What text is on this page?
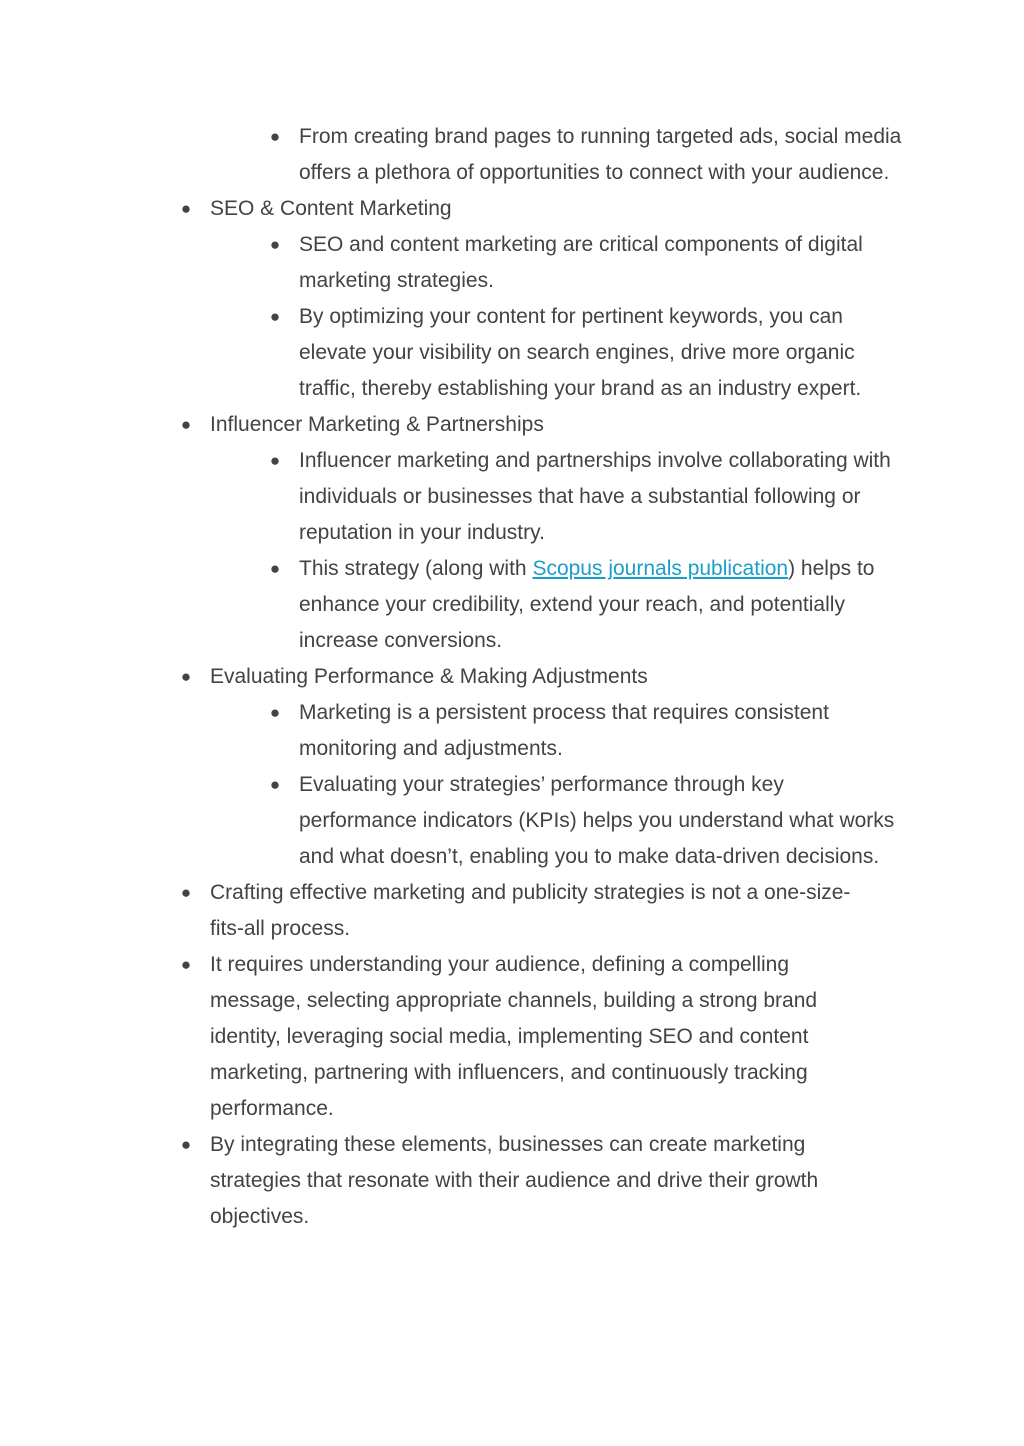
● From creating brand pages to running targeted ads, social media offers a plethora of opportunities to connect with your audience.
● SEO & Content Marketing
● SEO and content marketing are critical components of digital marketing strategies.
● By optimizing your content for pertinent keywords, you can elevate your visibility on search engines, drive more organic traffic, thereby establishing your brand as an industry expert.
● Influencer Marketing & Partnerships
● Influencer marketing and partnerships involve collaborating with individuals or businesses that have a substantial following or reputation in your industry.
● This strategy (along with Scopus journals publication) helps to enhance your credibility, extend your reach, and potentially increase conversions.
● Evaluating Performance & Making Adjustments
● Marketing is a persistent process that requires consistent monitoring and adjustments.
● Evaluating your strategies’ performance through key performance indicators (KPIs) helps you understand what works and what doesn’t, enabling you to make data-driven decisions.
● Crafting effective marketing and publicity strategies is not a one-size-fits-all process.
● It requires understanding your audience, defining a compelling message, selecting appropriate channels, building a strong brand identity, leveraging social media, implementing SEO and content marketing, partnering with influencers, and continuously tracking performance.
● By integrating these elements, businesses can create marketing strategies that resonate with their audience and drive their growth objectives.
